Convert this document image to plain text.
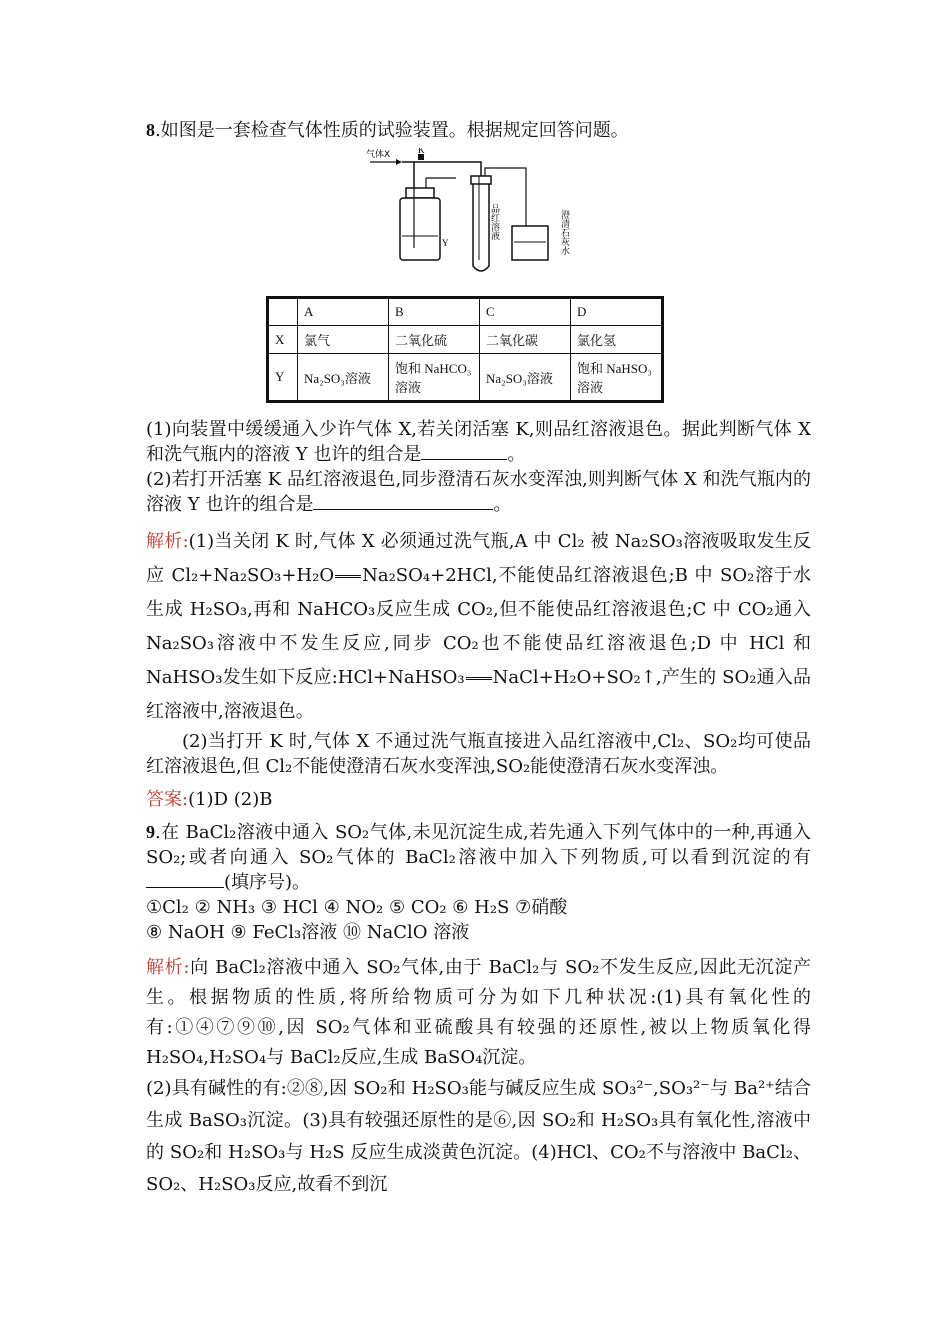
8.如图是一套检查气体性质的试验装置。根据规定回答问题。

K
气体X
Y
品红溶液	澄清石灰水
	A	B	C	D
X	氯气	二氧化硫	二氧化碳	氯化氢
Y	Na₂SO₃溶液	饱和 NaHCO₃溶液	Na₂SO₃溶液	饱和 NaHSO₃溶液

(1)向装置中缓缓通入少许气体 X,若关闭活塞 K,则品红溶液退色。据此判断气体 X 和洗气瓶内的溶液 Y 也许的组合是	。

(2)若打开活塞 K 品红溶液退色,同步澄清石灰水变浑浊,则判断气体 X 和洗气瓶内的溶液 Y 也许的组合是	。

解析:(1)当关闭 K 时,气体 X 必须通过洗气瓶,A 中 Cl₂ 被 Na₂SO₃溶液吸取发生反应 Cl₂+Na₂SO₃+H₂O Na₂SO₄+2HCl,不能使品红溶液退色;B 中 SO₂溶于水生成 H₂SO₃,再和 NaHCO₃反应生成 CO₂,但不能使品红溶液退色;C 中 CO₂通入 Na₂SO₃溶液中不发生反应,同步 CO₂也不能使品红溶液退色;D 中 HCl 和 NaHSO₃发生如下反应:HCl+NaHSO₃ NaCl+H₂O+SO₂↑,产生的 SO₂通入品红溶液中,溶液退色。

(2)当打开 K 时,气体 X 不通过洗气瓶直接进入品红溶液中,Cl₂、SO₂均可使品红溶液退色,但 Cl₂不能使澄清石灰水变浑浊,SO₂能使澄清石灰水变浑浊。

答案:(1)D (2)B

9.在 BaCl₂溶液中通入 SO₂气体,未见沉淀生成,若先通入下列气体中的一种,再通入 SO₂;或者向通入 SO₂气体的 BaCl₂溶液中加入下列物质,可以看到沉淀的有(填序号)。

①Cl₂ ② NH₃ ③ HCl ④ NO₂ ⑤ CO₂ ⑥ H₂S ⑦硝酸

⑧ NaOH ⑨ FeCl₃溶液 ⑩ NaClO 溶液

解析:向 BaCl₂溶液中通入 SO₂气体,由于 BaCl₂与 SO₂不发生反应,因此无沉淀产生。根据物质的性质,将所给物质可分为如下几种状况:(1)具有氧化性的有:①④⑦⑨⑩,因 SO₂气体和亚硫酸具有较强的还原性,被以上物质氧化得 H₂SO₄,H₂SO₄与 BaCl₂反应,生成 BaSO₄沉淀。

(2)具有碱性的有:②⑧,因 SO₂和 H₂SO₃能与碱反应生成 SO₃²⁻,SO₃²⁻与 Ba²⁺结合生成 BaSO₃沉淀。(3)具有较强还原性的是⑥,因 SO₂和 H₂SO₃具有氧化性,溶液中的 SO₂和 H₂SO₃与 H₂S 反应生成淡黄色沉淀。(4)HCl、CO₂不与溶液中 BaCl₂、SO₂、H₂SO₃反应,故看不到沉
